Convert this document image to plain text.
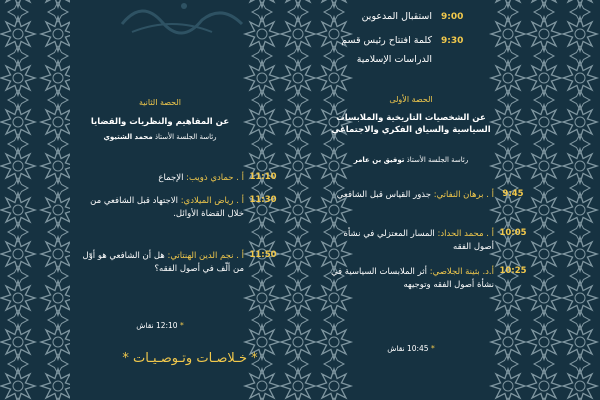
9:00
استقبال المدعوين
9:30
كلمة افتتاح رئيس قسم الدراسات الإسلامية
الحصة الأولى
عن الشخصيات التاريخية والملابسات السياسية والسياق الفكري والاجتماعي
رئاسة الجلسة الأستاذ توفيق بن عامر
9:45
أ . برهان النفاتي: جذور القياس قبل الشافعي
10:05
أ . محمد الحداد: المسار المعتزلي في نشأة أصول الفقه
10:25
أ.د. بثينة الجلاصي: أثر الملابسات السياسية في نشأة أصول الفقه وتوجيهه
* 10:45 نقاش
الحصة الثانية
عن المفاهيم والنظريات والقضايا
رئاسة الجلسة الأستاذ محمد الشتيوي
11:10
أ . حمادي ذويب: الإجماع
11:30
أ . رياض الميلادي: الاجتهاد قبل الشافعي من خلال القضاة الأوائل.
11:50
أ . نجم الدين الهنتاتي: هل أن الشافعي هو أوّل من ألّف في أصول الفقه؟
* 12:10 نقاش
* خـلاصـات وتـوصـيـات *
